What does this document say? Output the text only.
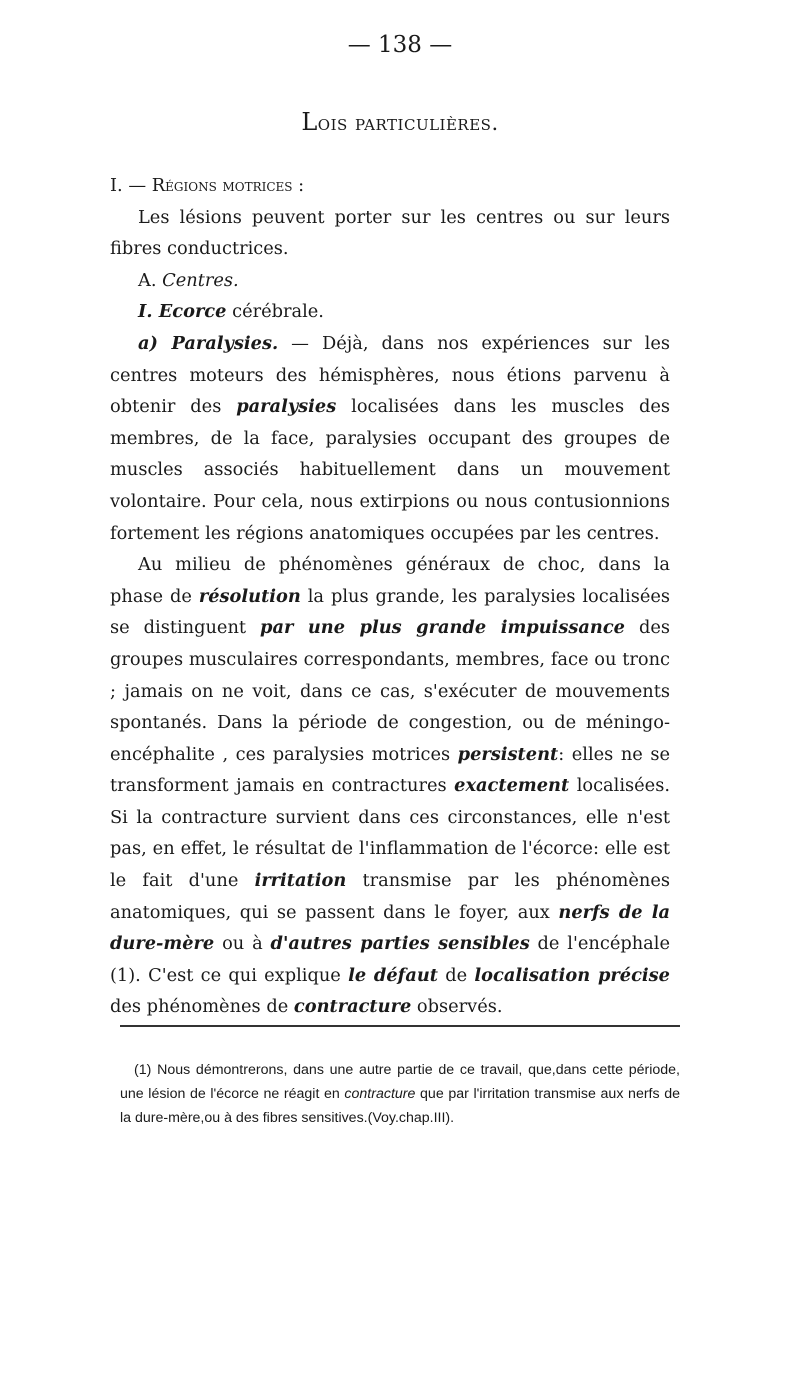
— 138 —
Lois particulières.

I. — Régions motrices :

Les lésions peuvent porter sur les centres ou sur leurs fibres conductrices.

A. Centres.

I. Ecorce cérébrale.

a) Paralysies. — Déjà, dans nos expériences sur les centres moteurs des hémisphères, nous étions parvenu à obtenir des paralysies localisées dans les muscles des membres, de la face, paralysies occupant des groupes de muscles associés habituellement dans un mouvement volontaire. Pour cela, nous extirpions ou nous contusionnions fortement les régions anatomiques occupées par les centres.

Au milieu de phénomènes généraux de choc, dans la phase de résolution la plus grande, les paralysies localisées se distinguent par une plus grande impuissance des groupes musculaires correspondants, membres, face ou tronc ; jamais on ne voit, dans ce cas, s'exécuter de mouvements spontanés. Dans la période de congestion, ou de méningo-encéphalite , ces paralysies motrices persistent: elles ne se transforment jamais en contractures exactement localisées. Si la contracture survient dans ces circonstances, elle n'est pas, en effet, le résultat de l'inflammation de l'écorce: elle est le fait d'une irritation transmise par les phénomènes anatomiques, qui se passent dans le foyer, aux nerfs de la dure-mère ou à d'autres parties sensibles de l'encéphale (1). C'est ce qui explique le défaut de localisation précise des phénomènes de contracture observés.

(1) Nous démontrerons, dans une autre partie de ce travail, que,dans cette période, une lésion de l'écorce ne réagit en contracture que par l'irritation transmise aux nerfs de la dure-mère,ou à des fibres sensitives.(Voy.chap.III).
